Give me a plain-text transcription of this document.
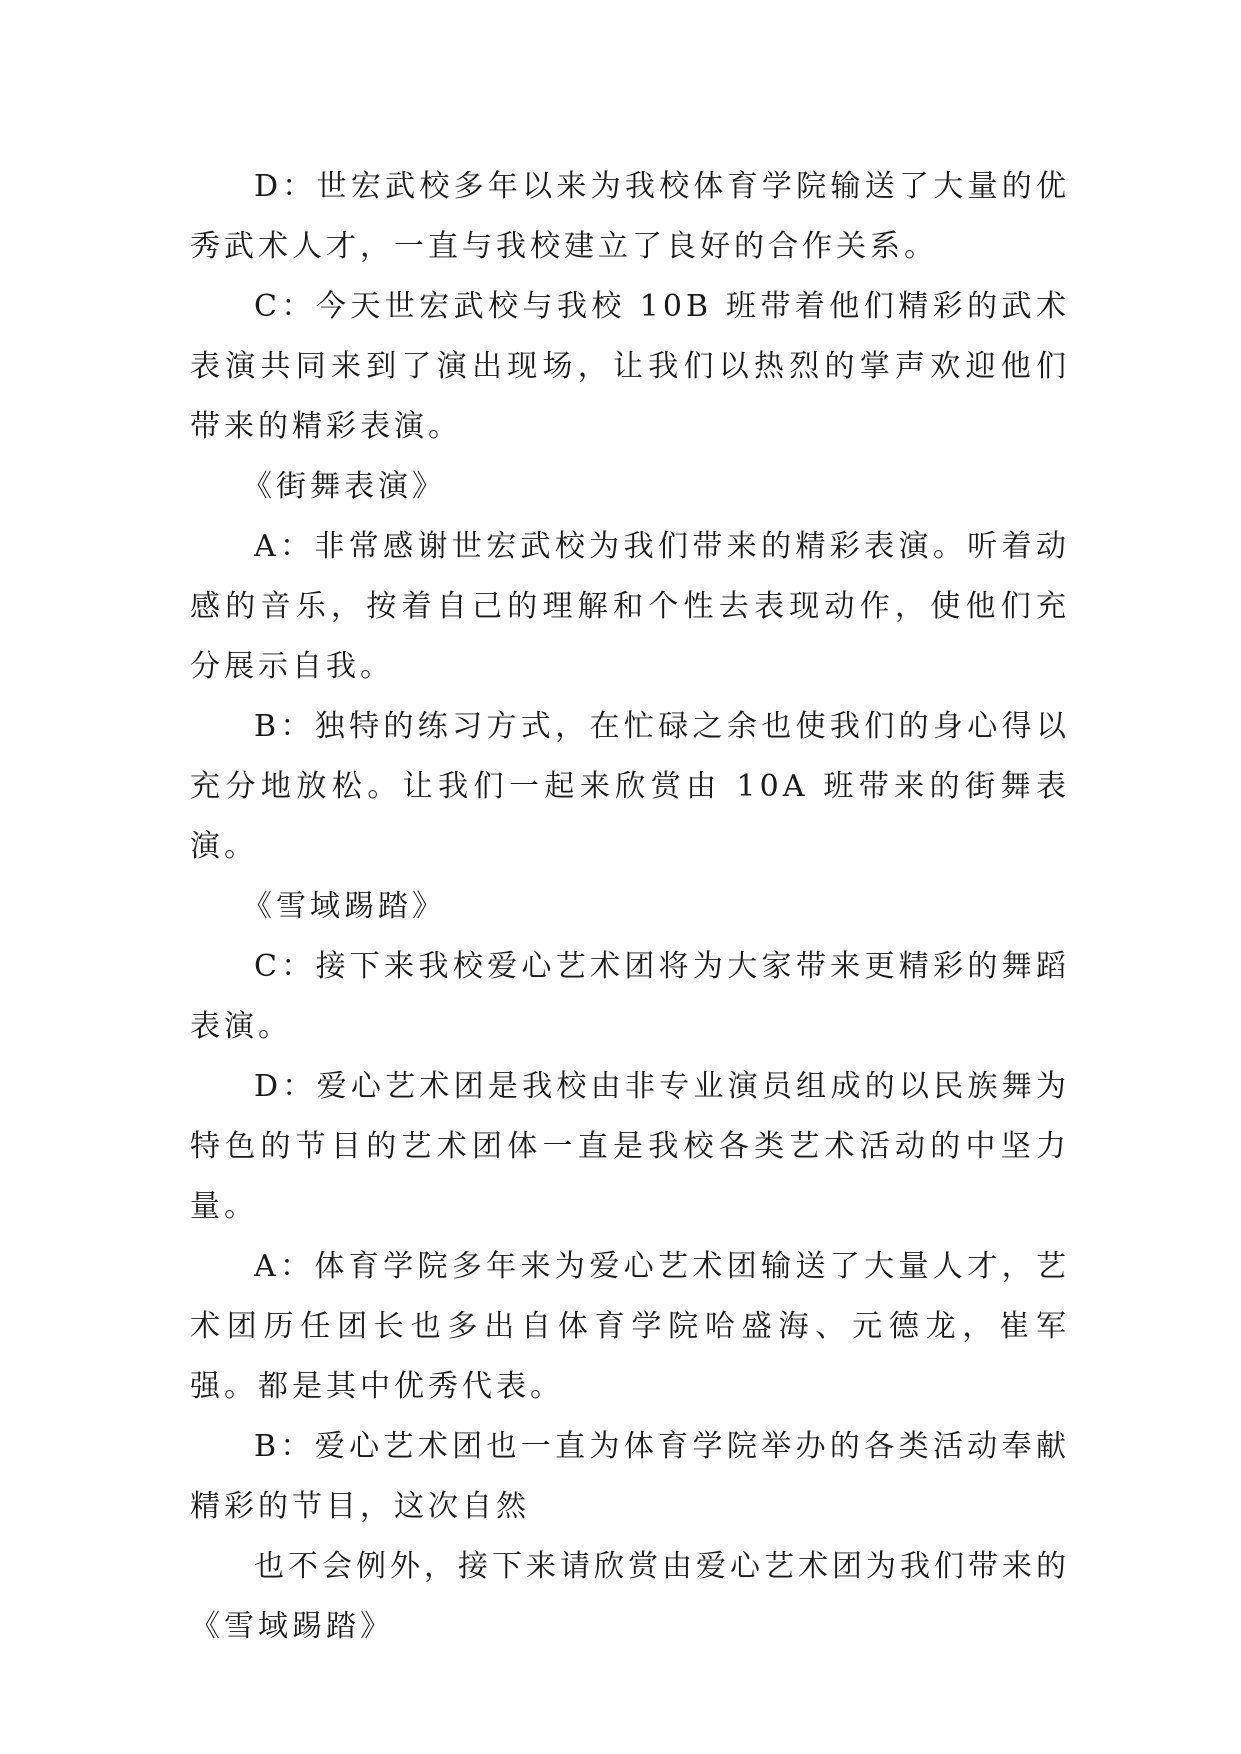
D：世宏武校多年以来为我校体育学院输送了大量的优秀武术人才，一直与我校建立了良好的合作关系。

C：今天世宏武校与我校 10B 班带着他们精彩的武术表演共同来到了演出现场，让我们以热烈的掌声欢迎他们带来的精彩表演。

《街舞表演》

A：非常感谢世宏武校为我们带来的精彩表演。听着动感的音乐，按着自己的理解和个性去表现动作，使他们充分展示自我。

B：独特的练习方式，在忙碌之余也使我们的身心得以充分地放松。让我们一起来欣赏由 10A 班带来的街舞表演。

《雪域踢踏》

C：接下来我校爱心艺术团将为大家带来更精彩的舞蹈表演。

D：爱心艺术团是我校由非专业演员组成的以民族舞为特色的节目的艺术团体一直是我校各类艺术活动的中坚力量。

A：体育学院多年来为爱心艺术团输送了大量人才，艺术团历任团长也多出自体育学院哈盛海、元德龙，崔军强。都是其中优秀代表。

B：爱心艺术团也一直为体育学院举办的各类活动奉献精彩的节目，这次自然

也不会例外，接下来请欣赏由爱心艺术团为我们带来的《雪域踢踏》
